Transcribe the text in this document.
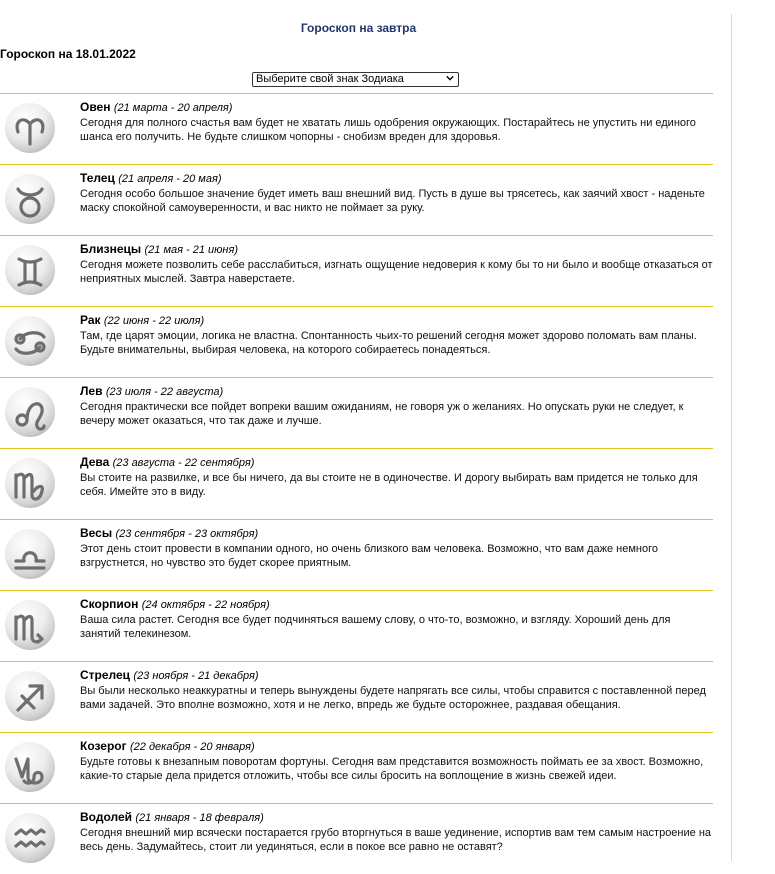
Гороскоп на завтра
Гороскоп на 18.01.2022
Выберите свой знак Зодиака
Овен (21 марта - 20 апреля)
Сегодня для полного счастья вам будет не хватать лишь одобрения окружающих. Постарайтесь не упустить ни единого шанса его получить. Не будьте слишком чопорны - снобизм вреден для здоровья.
Телец (21 апреля - 20 мая)
Сегодня особо большое значение будет иметь ваш внешний вид. Пусть в душе вы трясетесь, как заячий хвост - наденьте маску спокойной самоуверенности, и вас никто не поймает за руку.
Близнецы (21 мая - 21 июня)
Сегодня можете позволить себе расслабиться, изгнать ощущение недоверия к кому бы то ни было и вообще отказаться от неприятных мыслей. Завтра наверстаете.
Рак (22 июня - 22 июля)
Там, где царят эмоции, логика не властна. Спонтанность чьих-то решений сегодня может здорово поломать вам планы. Будьте внимательны, выбирая человека, на которого собираетесь понадеяться.
Лев (23 июля - 22 августа)
Сегодня практически все пойдет вопреки вашим ожиданиям, не говоря уж о желаниях. Но опускать руки не следует, к вечеру может оказаться, что так даже и лучше.
Дева (23 августа - 22 сентября)
Вы стоите на развилке, и все бы ничего, да вы стоите не в одиночестве. И дорогу выбирать вам придется не только для себя. Имейте это в виду.
Весы (23 сентября - 23 октября)
Этот день стоит провести в компании одного, но очень близкого вам человека. Возможно, что вам даже немного взгрустнется, но чувство это будет скорее приятным.
Скорпион (24 октября - 22 ноября)
Ваша сила растет. Сегодня все будет подчиняться вашему слову, о что-то, возможно, и взгляду. Хороший день для занятий телекинезом.
Стрелец (23 ноября - 21 декабря)
Вы были несколько неаккуратны и теперь вынуждены будете напрягать все силы, чтобы справится с поставленной перед вами задачей. Это вполне возможно, хотя и не легко, впредь же будьте осторожнее, раздавая обещания.
Козерог (22 декабря - 20 января)
Будьте готовы к внезапным поворотам фортуны. Сегодня вам представится возможность поймать ее за хвост. Возможно, какие-то старые дела придется отложить, чтобы все силы бросить на воплощение в жизнь свежей идеи.
Водолей (21 января - 18 февраля)
Сегодня внешний мир всячески постарается грубо вторгнуться в ваше уединение, испортив вам тем самым настроение на весь день. Задумайтесь, стоит ли уединяться, если в покое все равно не оставят?
